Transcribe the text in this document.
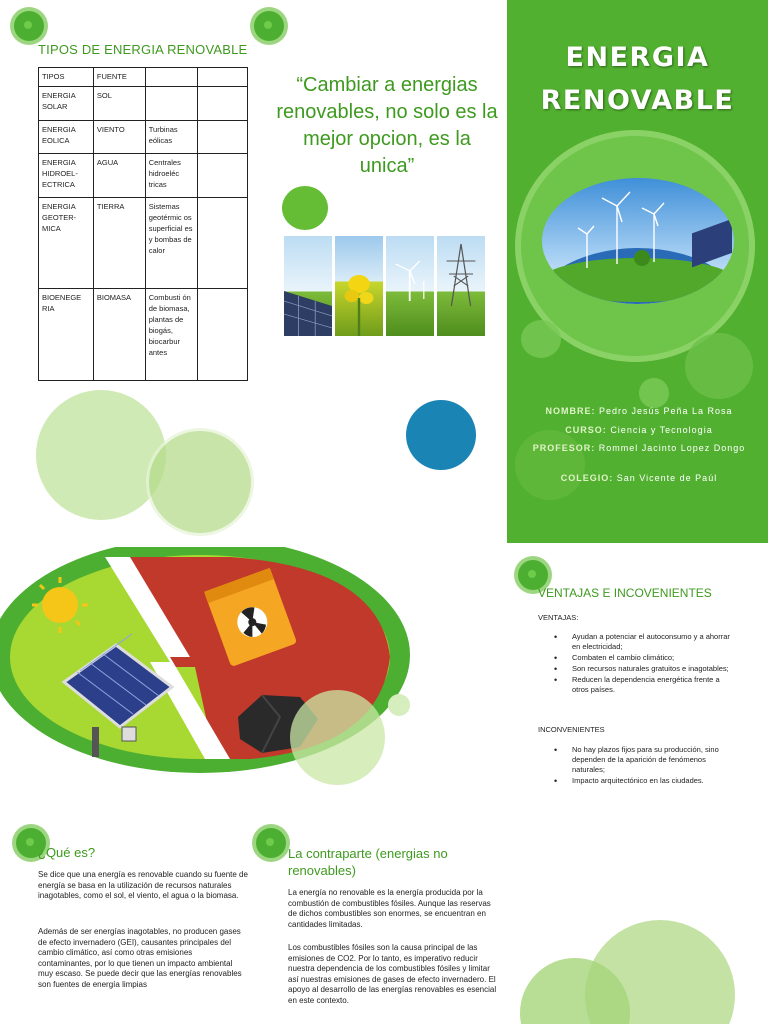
TIPOS DE ENERGIA RENOVABLE
TIPOS	FUENTE		
ENERGIA SOLAR	SOL		
ENERGIA EOLICA	VIENTO	Turbinas eólicas	
ENERGIA HIDROEL-ECTRICA	AGUA	Centrales hidroeléc tricas	
ENERGIA GEOTER-MICA	TIERRA	Sistemas geotérmic os superficial es y bombas de calor	
BIOENEGE RIA	BIOMASA	Combusti ón de biomasa, plantas de biogás, biocarbur antes	
“Cambiar a energias renovables, no solo es la mejor opcion, es la unica”
ENERGIA
RENOVABLE
NOMBRE: Pedro Jesús Peña La Rosa
CURSO: Ciencia y Tecnologia
PROFESOR: Rommel Jacinto Lopez Dongo
COLEGIO: San Vicente de Paúl
¿Qué es?
Se dice que una energía es renovable cuando su fuente de energía se basa en la utilización de recursos naturales inagotables, como el sol, el viento, el agua o la biomasa.
Además de ser energías inagotables, no producen gases de efecto invernadero (GEI), causantes principales del cambio climático, así como otras emisiones contaminantes, por lo que tienen un impacto ambiental muy escaso. Se puede decir que las energías renovables son fuentes de energía limpias
La contraparte (energias no renovables)
La energía no renovable es la energía producida por la combustión de combustibles fósiles. Aunque las reservas de dichos combustibles son enormes, se encuentran en cantidades limitadas.
Los combustibles fósiles son la causa principal de las emisiones de CO2. Por lo tanto, es imperativo reducir nuestra dependencia de los combustibles fósiles y limitar así nuestras emisiones de gases de efecto invernadero. El apoyo al desarrollo de las energías renovables es esencial en este contexto.
VENTAJAS E INCOVENIENTES
VENTAJAS:
• Ayudan a potenciar el autoconsumo y a ahorrar en electricidad;
• Combaten el cambio climático;
• Son recursos naturales gratuitos e inagotables;
• Reducen la dependencia energética frente a otros países.
INCONVENIENTES
• No hay plazos fijos para su producción, sino dependen de la aparición de fenómenos naturales;
• Impacto arquitectónico en las ciudades.
